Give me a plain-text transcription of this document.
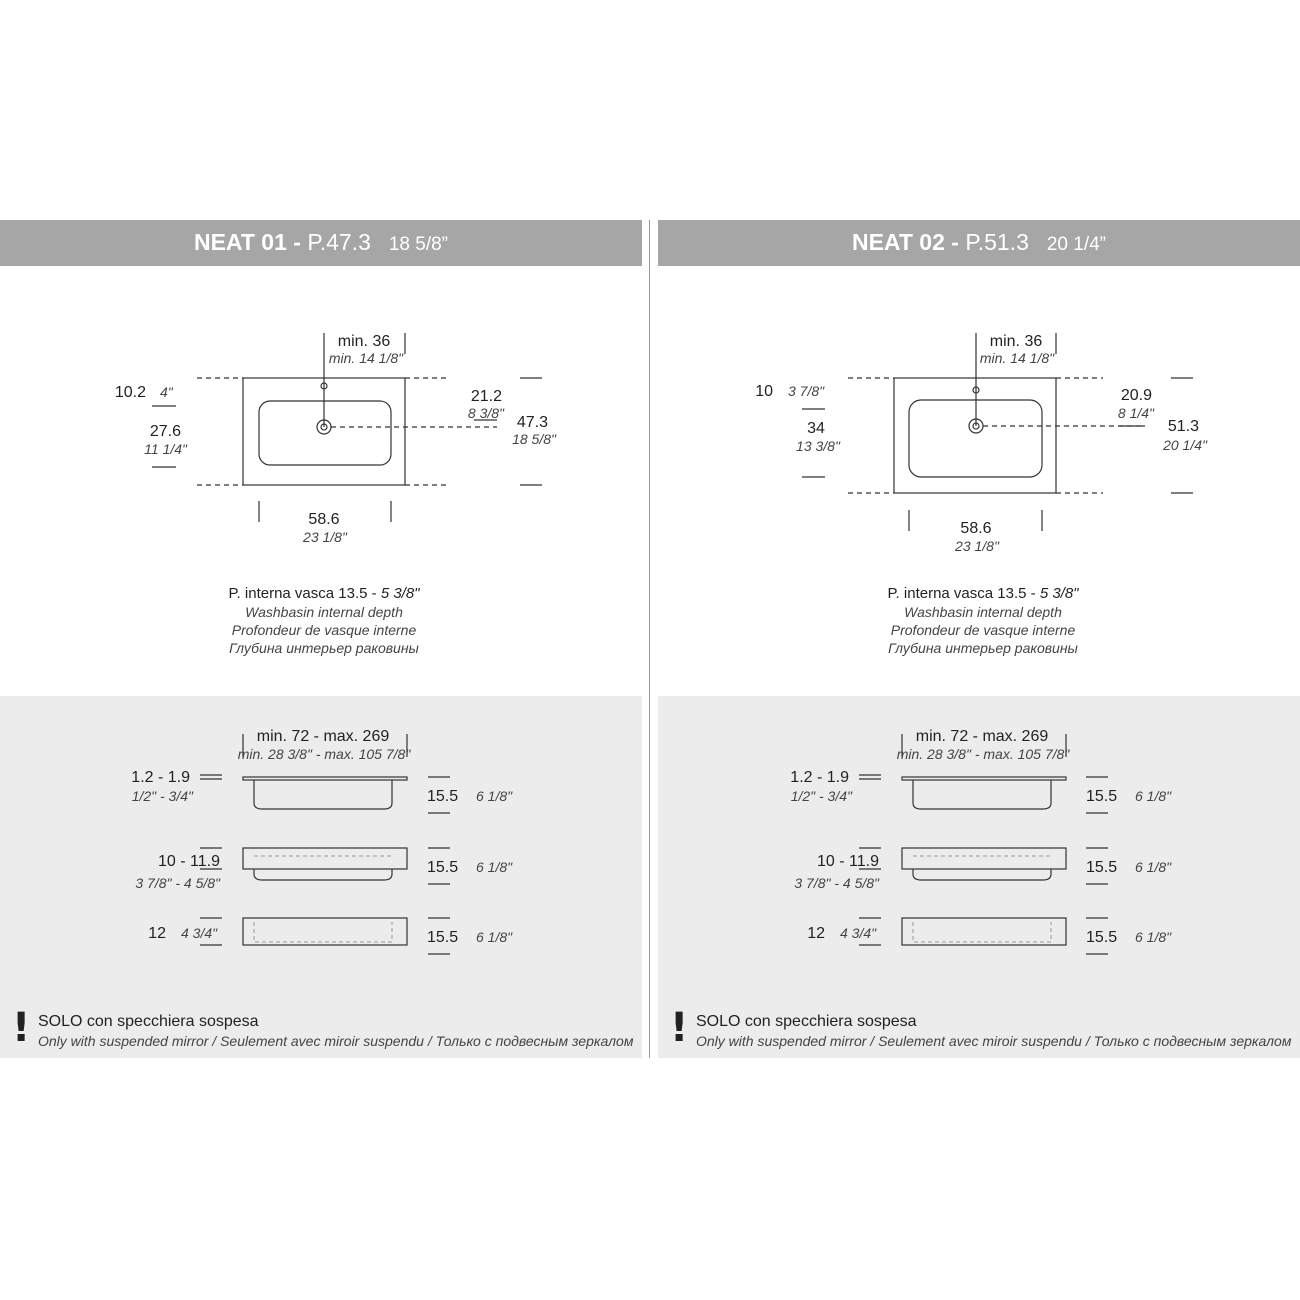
NEAT 01 - P.47.3 18 5/8”
min. 36
min. 14 1/8"
10.2 4"
27.6
11 1/4"
21.2
8 3/8"
47.3
18 5/8"
58.6
23 1/8"
P. interna vasca 13.5 - 5 3/8"
Washbasin internal depth
Profondeur de vasque interne
Глубина интерьер раковины
min. 72 - max. 269
min. 28 3/8" - max. 105 7/8"
1.2 - 1.9
1/2" - 3/4"	15.5 6 1/8"
10 - 11.9
3 7/8" - 4 5/8"
15.5 6 1/8"
12 4 3/4"	15.5 6 1/8"
! SOLO con specchiera sospesa
Only with suspended mirror / Seulement avec miroir suspendu / Только с подвесным зеркалом
NEAT 02 - P.51.3 20 1/4”
min. 36
min. 14 1/8"
10 3 7/8"
34
13 3/8"
20.9
8 1/4"
51.3
20 1/4"
58.6
23 1/8"
P. interna vasca 13.5 - 5 3/8"
Washbasin internal depth
Profondeur de vasque interne
Глубина интерьер раковины
min. 72 - max. 269
min. 28 3/8" - max. 105 7/8"
1.2 - 1.9
1/2" - 3/4"	15.5 6 1/8"
10 - 11.9
3 7/8" - 4 5/8"
15.5 6 1/8"
12 4 3/4"	15.5 6 1/8"
! SOLO con specchiera sospesa
Only with suspended mirror / Seulement avec miroir suspendu / Только с подвесным зеркалом
